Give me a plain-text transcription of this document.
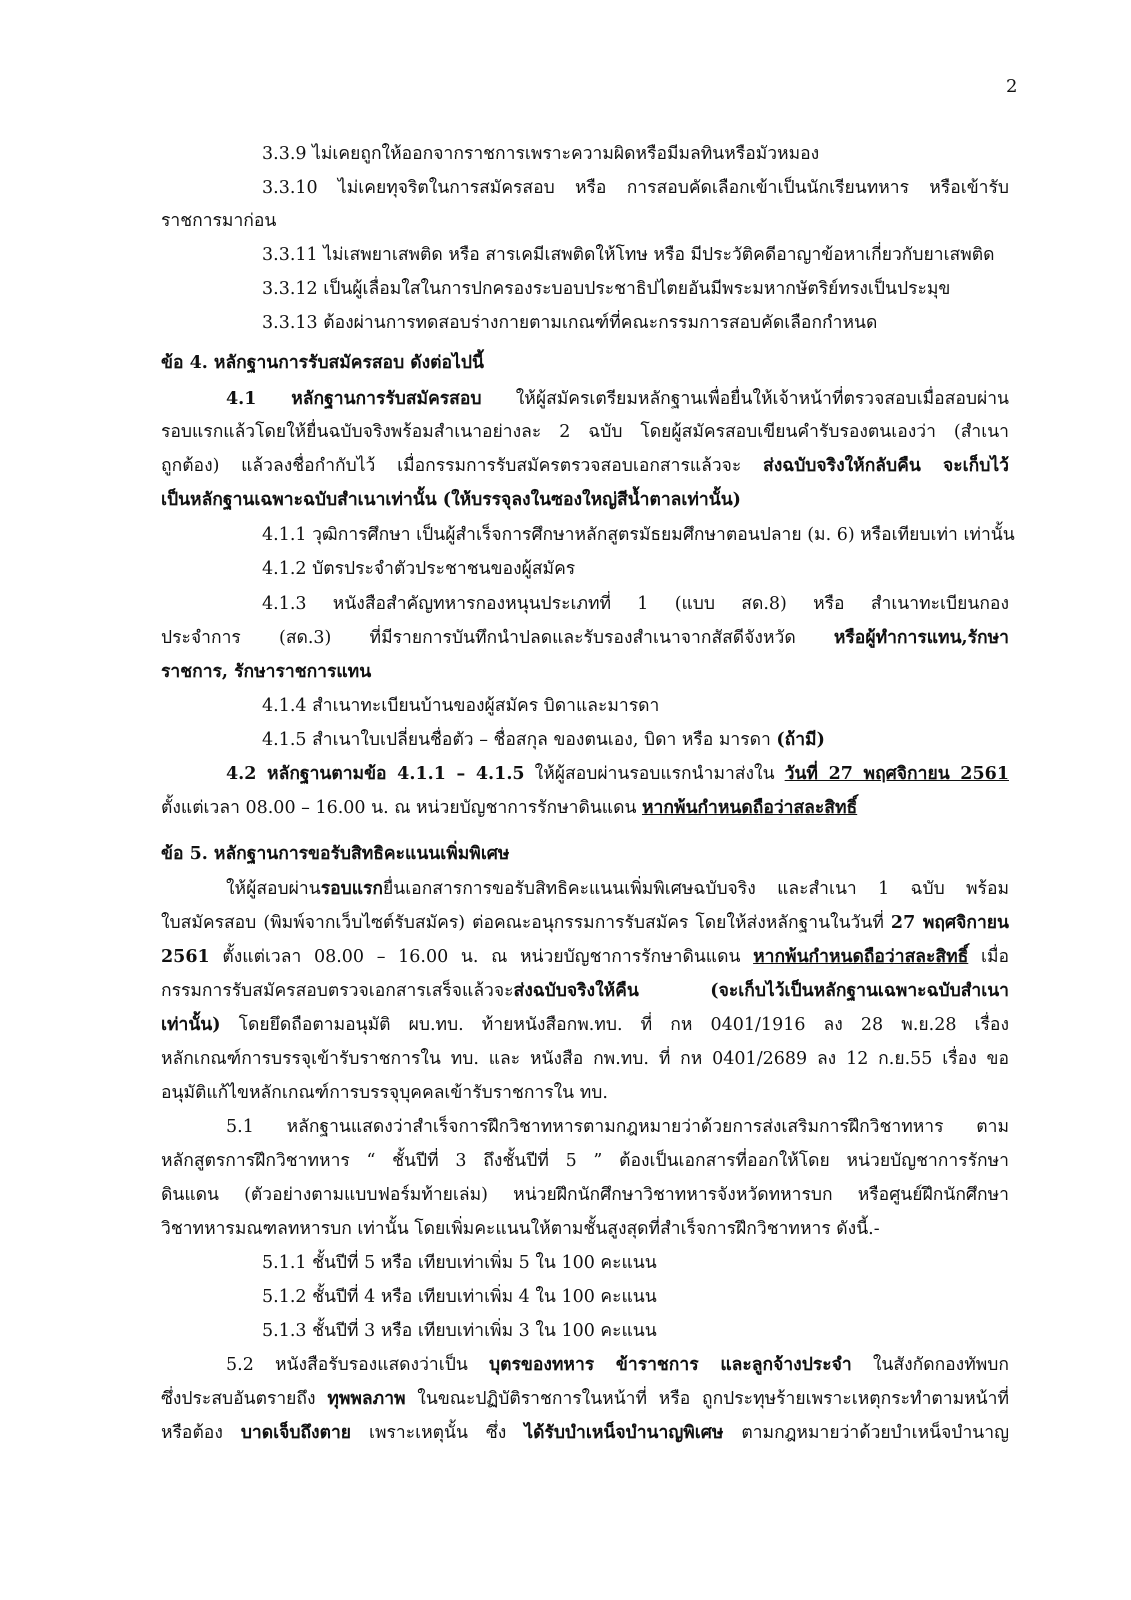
2
3.3.9 ไม่เคยถูกให้ออกจากราชการเพราะความผิดหรือมีมลทินหรือมัวหมอง
3.3.10 ไม่เคยทุจริตในการสมัครสอบ หรือ การสอบคัดเลือกเข้าเป็นนักเรียนทหาร หรือเข้ารับ
ราชการมาก่อน
3.3.11 ไม่เสพยาเสพติด หรือ สารเคมีเสพติดให้โทษ หรือ มีประวัติคดีอาญาข้อหาเกี่ยวกับยาเสพติด
3.3.12 เป็นผู้เลื่อมใสในการปกครองระบอบประชาธิปไตยอันมีพระมหากษัตริย์ทรงเป็นประมุข
3.3.13 ต้องผ่านการทดสอบร่างกายตามเกณฑ์ที่คณะกรรมการสอบคัดเลือกกำหนด
ข้อ 4. หลักฐานการรับสมัครสอบ ดังต่อไปนี้
4.1 หลักฐานการรับสมัครสอบ ให้ผู้สมัครเตรียมหลักฐานเพื่อยื่นให้เจ้าหน้าที่ตรวจสอบเมื่อสอบผ่าน
รอบแรกแล้วโดยให้ยื่นฉบับจริงพร้อมสำเนาอย่างละ 2 ฉบับ โดยผู้สมัครสอบเขียนคำรับรองตนเองว่า (สำเนา
ถูกต้อง) แล้วลงชื่อกำกับไว้ เมื่อกรรมการรับสมัครตรวจสอบเอกสารแล้วจะ ส่งฉบับจริงให้กลับคืน จะเก็บไว้
เป็นหลักฐานเฉพาะฉบับสำเนาเท่านั้น (ให้บรรจุลงในซองใหญ่สีน้ำตาลเท่านั้น)
4.1.1 วุฒิการศึกษา เป็นผู้สำเร็จการศึกษาหลักสูตรมัธยมศึกษาตอนปลาย (ม. 6) หรือเทียบเท่า เท่านั้น
4.1.2 บัตรประจำตัวประชาชนของผู้สมัคร
4.1.3 หนังสือสำคัญทหารกองหนุนประเภทที่ 1 (แบบ สด.8) หรือ สำเนาทะเบียนกอง
ประจำการ (สด.3) ที่มีรายการบันทึกนำปลดและรับรองสำเนาจากสัสดีจังหวัด หรือผู้ทำการแทน,รักษา
ราชการ, รักษาราชการแทน
4.1.4 สำเนาทะเบียนบ้านของผู้สมัคร บิดาและมารดา
4.1.5 สำเนาใบเปลี่ยนชื่อตัว – ชื่อสกุล ของตนเอง, บิดา หรือ มารดา (ถ้ามี)
4.2 หลักฐานตามข้อ 4.1.1 – 4.1.5 ให้ผู้สอบผ่านรอบแรกนำมาส่งใน วันที่ 27 พฤศจิกายน 2561
ตั้งแต่เวลา 08.00 – 16.00 น. ณ หน่วยบัญชาการรักษาดินแดน หากพ้นกำหนดถือว่าสละสิทธิ์
ข้อ 5. หลักฐานการขอรับสิทธิคะแนนเพิ่มพิเศษ
ให้ผู้สอบผ่านรอบแรกยื่นเอกสารการขอรับสิทธิคะแนนเพิ่มพิเศษฉบับจริง และสำเนา 1 ฉบับ พร้อม
ใบสมัครสอบ (พิมพ์จากเว็บไซต์รับสมัคร) ต่อคณะอนุกรรมการรับสมัคร โดยให้ส่งหลักฐานในวันที่ 27 พฤศจิกายน
2561 ตั้งแต่เวลา 08.00 – 16.00 น. ณ หน่วยบัญชาการรักษาดินแดน หากพ้นกำหนดถือว่าสละสิทธิ์ เมื่อ
กรรมการรับสมัครสอบตรวจเอกสารเสร็จแล้วจะส่งฉบับจริงให้คืน (จะเก็บไว้เป็นหลักฐานเฉพาะฉบับสำเนา
เท่านั้น) โดยยึดถือตามอนุมัติ ผบ.ทบ. ท้ายหนังสือกพ.ทบ. ที่ กห 0401/1916 ลง 28 พ.ย.28 เรื่อง
หลักเกณฑ์การบรรจุเข้ารับราชการใน ทบ. และ หนังสือ กพ.ทบ. ที่ กห 0401/2689 ลง 12 ก.ย.55 เรื่อง ขอ
อนุมัติแก้ไขหลักเกณฑ์การบรรจุบุคคลเข้ารับราชการใน ทบ.
5.1 หลักฐานแสดงว่าสำเร็จการฝึกวิชาทหารตามกฎหมายว่าด้วยการส่งเสริมการฝึกวิชาทหาร ตาม
หลักสูตรการฝึกวิชาทหาร “ ชั้นปีที่ 3 ถึงชั้นปีที่ 5 ” ต้องเป็นเอกสารที่ออกให้โดย หน่วยบัญชาการรักษา
ดินแดน (ตัวอย่างตามแบบฟอร์มท้ายเล่ม) หน่วยฝึกนักศึกษาวิชาทหารจังหวัดทหารบก หรือศูนย์ฝึกนักศึกษา
วิชาทหารมณฑลทหารบก เท่านั้น โดยเพิ่มคะแนนให้ตามชั้นสูงสุดที่สำเร็จการฝึกวิชาทหาร ดังนี้.-
5.1.1 ชั้นปีที่ 5 หรือ เทียบเท่าเพิ่ม 5 ใน 100 คะแนน
5.1.2 ชั้นปีที่ 4 หรือ เทียบเท่าเพิ่ม 4 ใน 100 คะแนน
5.1.3 ชั้นปีที่ 3 หรือ เทียบเท่าเพิ่ม 3 ใน 100 คะแนน
5.2 หนังสือรับรองแสดงว่าเป็น บุตรของทหาร ข้าราชการ และลูกจ้างประจำ ในสังกัดกองทัพบก
ซึ่งประสบอันตรายถึง ทุพพลภาพ ในขณะปฏิบัติราชการในหน้าที่ หรือ ถูกประทุษร้ายเพราะเหตุกระทำตามหน้าที่
หรือต้อง บาดเจ็บถึงตาย เพราะเหตุนั้น ซึ่ง ได้รับบำเหน็จบำนาญพิเศษ ตามกฎหมายว่าด้วยบำเหน็จบำนาญ
